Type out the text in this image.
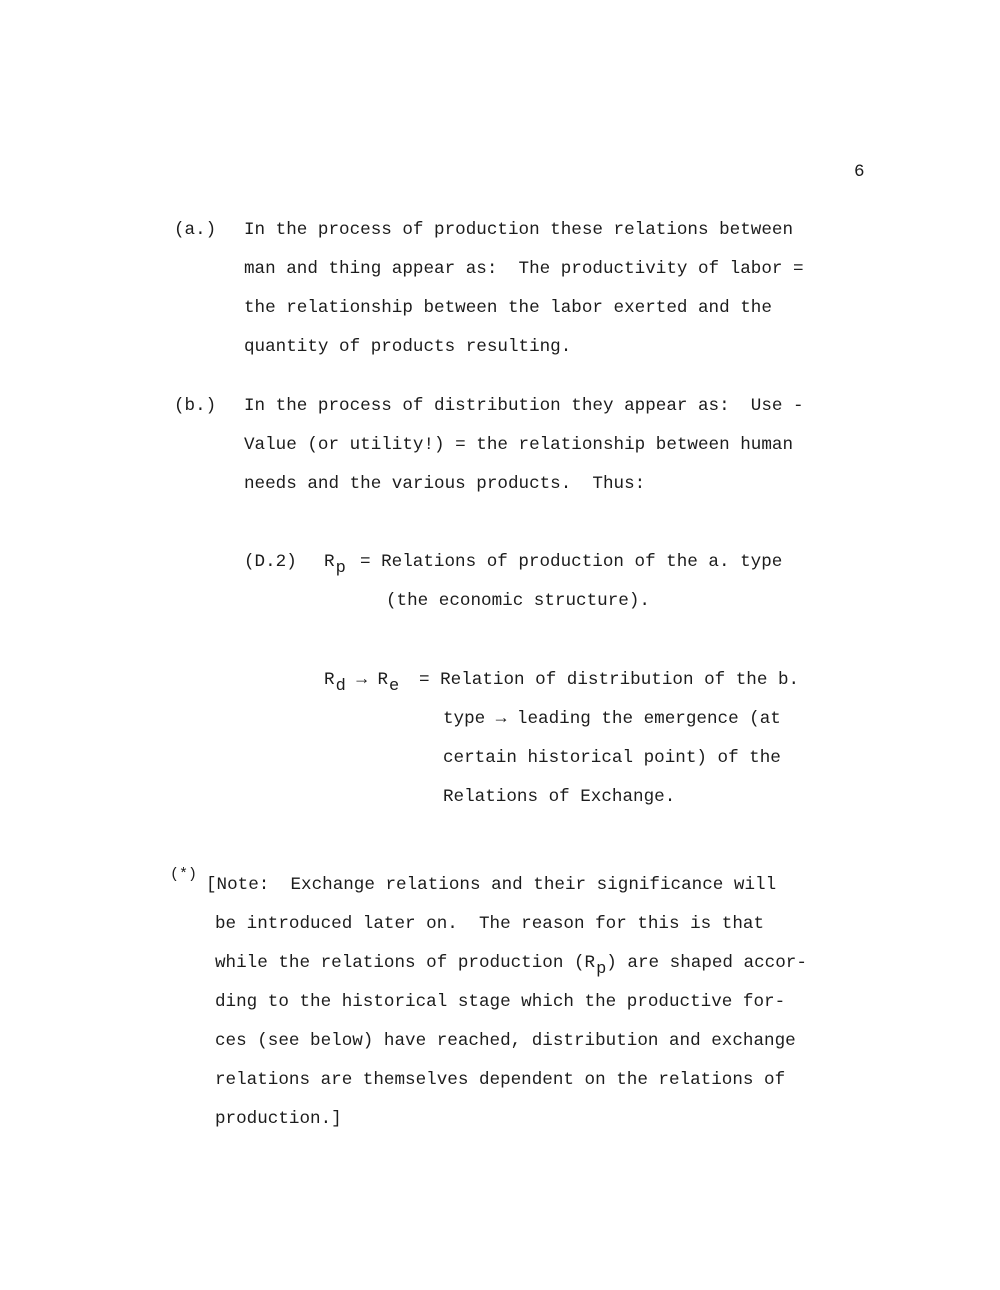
6
(a.) In the process of production these relations between
man and thing appear as:  The productivity of labor =
the relationship between the labor exerted and the
quantity of products resulting.
(b.) In the process of distribution they appear as:  Use -
Value (or utility!) = the relationship between human
needs and the various products.  Thus:
(D.2) $R_p$ = Relations of production of the a. type
(the economic structure).
$R_d \to R_e$ = Relation of distribution of the b.
type → leading the emergence (at
certain historical point) of the
Relations of Exchange.
(*)
[Note:  Exchange relations and their significance will
be introduced later on.  The reason for this is that
while the relations of production $(R_p)$ are shaped accor-
ding to the historical stage which the productive for-
ces (see below) have reached, distribution and exchange
relations are themselves dependent on the relations of
production.]
